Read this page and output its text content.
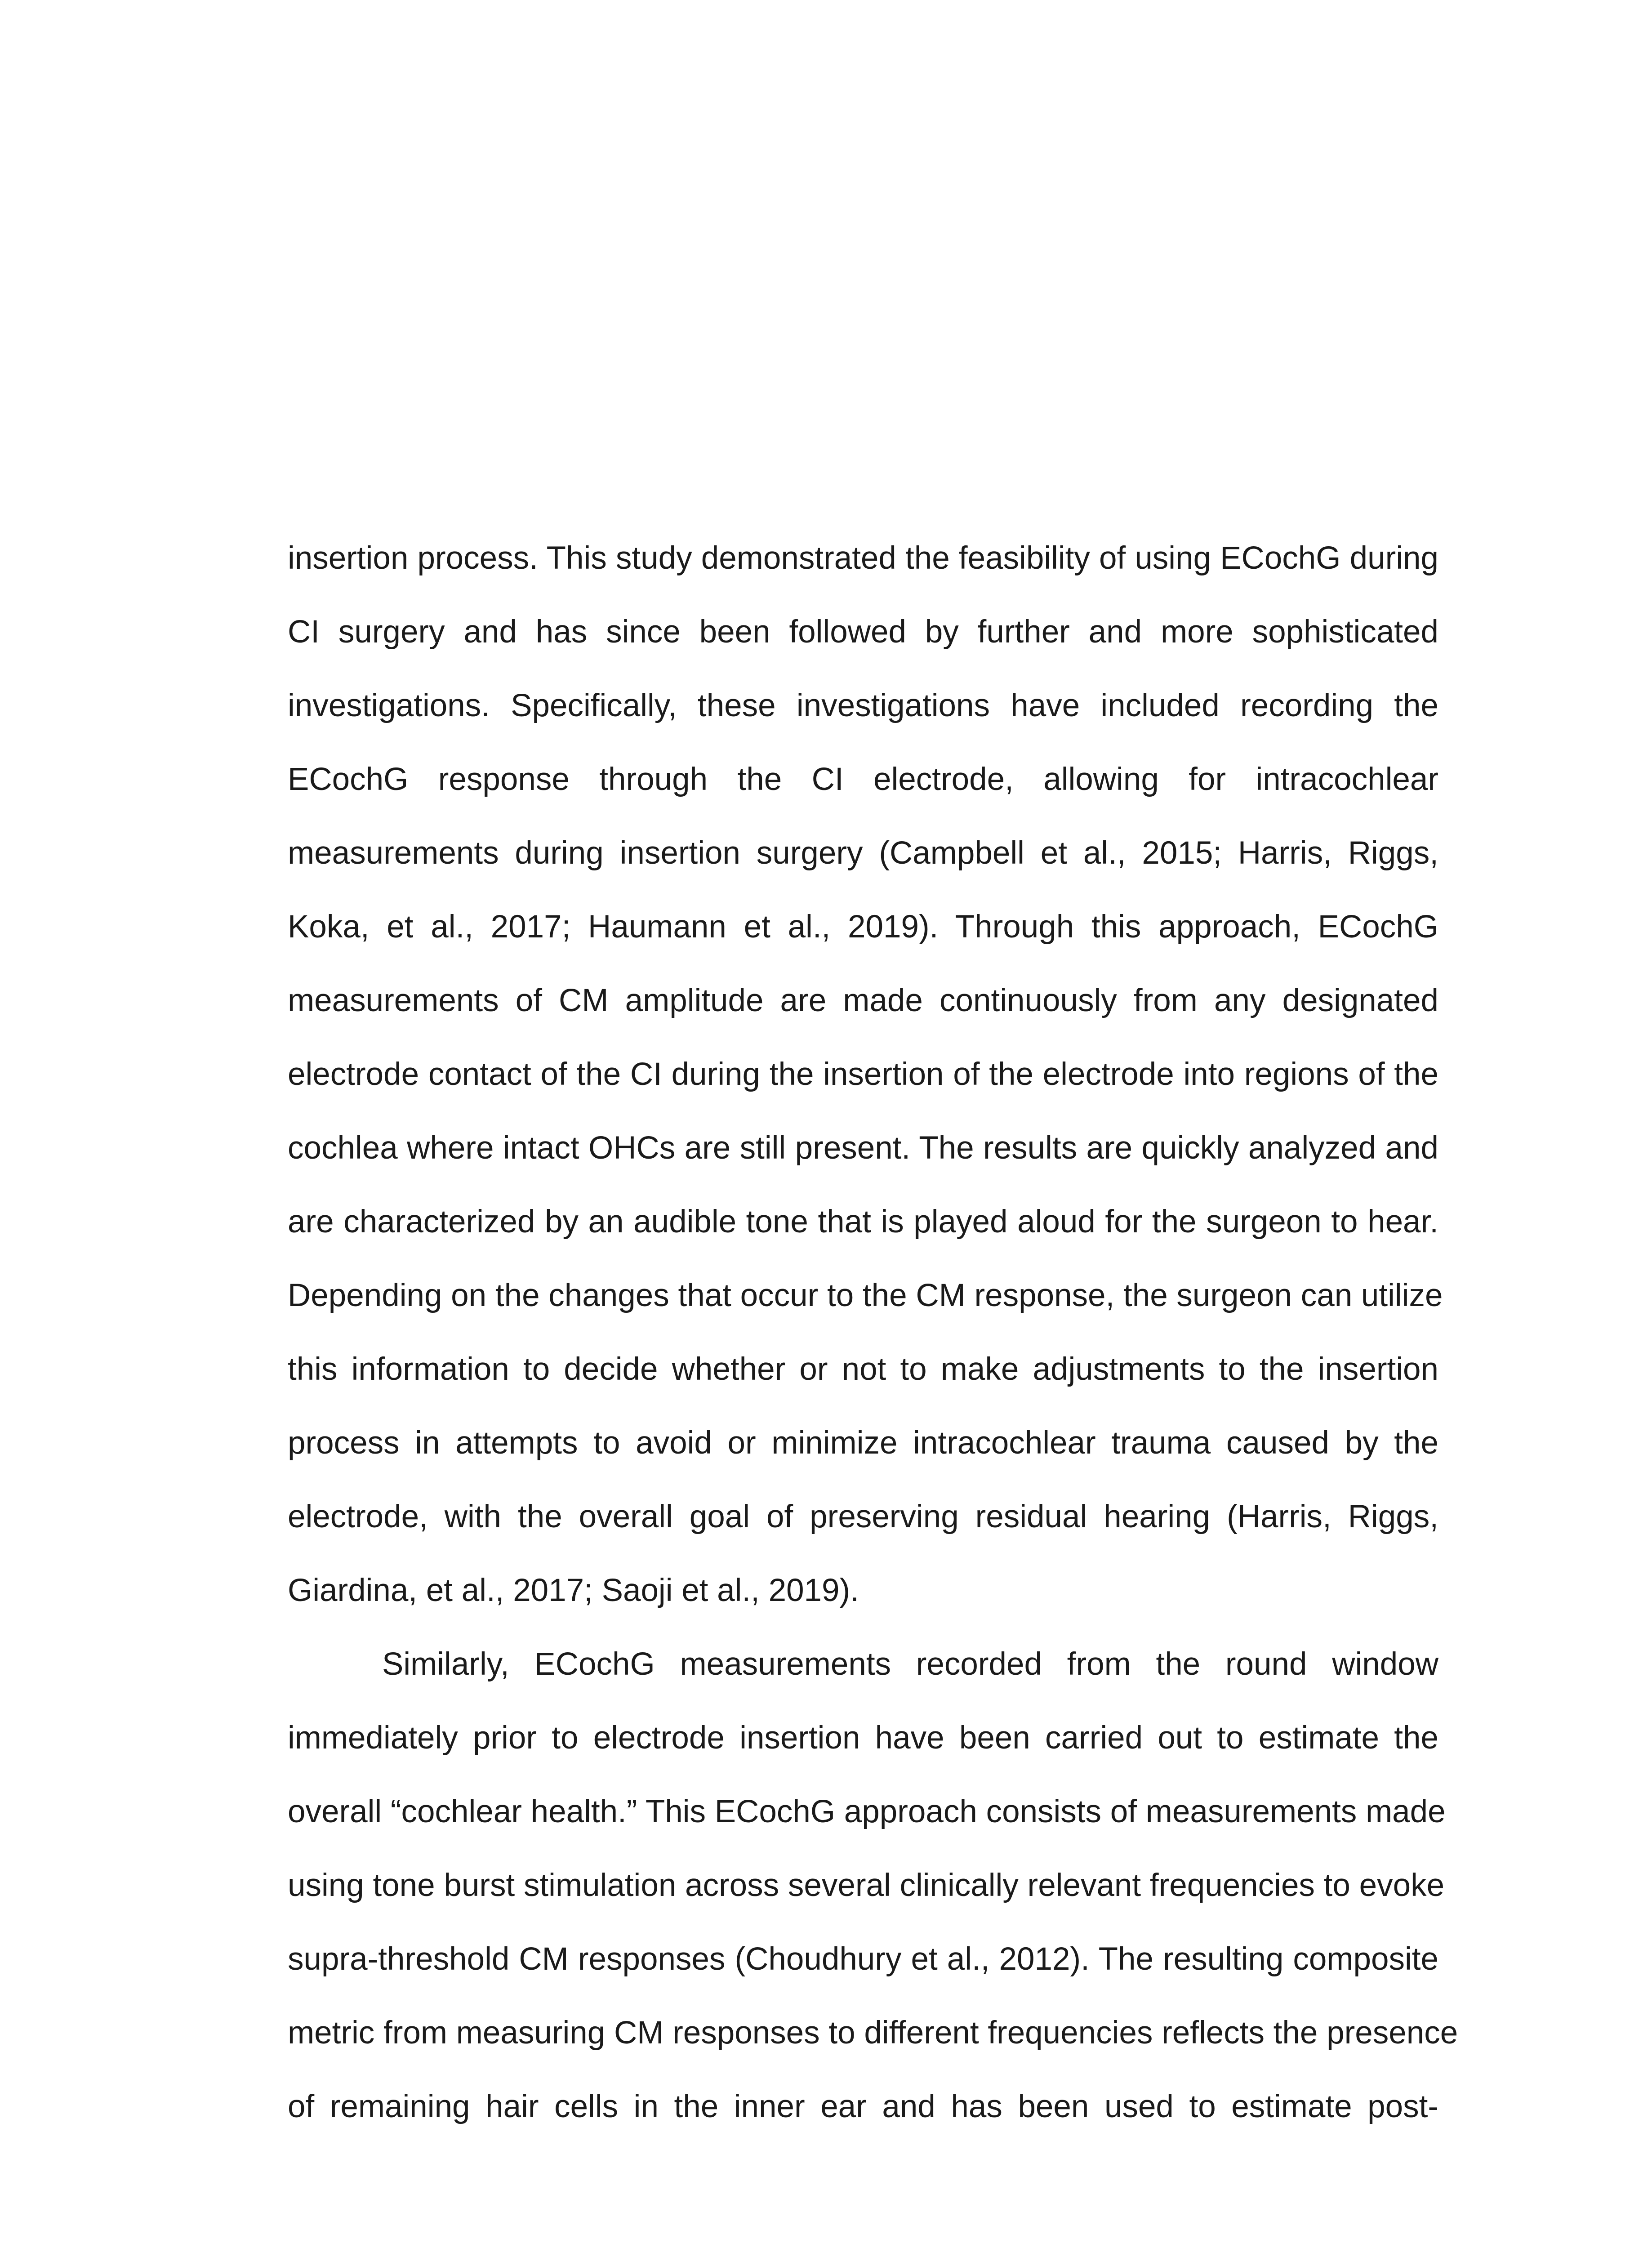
insertion process. This study demonstrated the feasibility of using ECochG during
CI surgery and has since been followed by further and more sophisticated
investigations. Specifically, these investigations have included recording the
ECochG response through the CI electrode, allowing for intracochlear
measurements during insertion surgery (Campbell et al., 2015; Harris, Riggs,
Koka, et al., 2017; Haumann et al., 2019). Through this approach, ECochG
measurements of CM amplitude are made continuously from any designated
electrode contact of the CI during the insertion of the electrode into regions of the
cochlea where intact OHCs are still present. The results are quickly analyzed and
are characterized by an audible tone that is played aloud for the surgeon to hear.
Depending on the changes that occur to the CM response, the surgeon can utilize
this information to decide whether or not to make adjustments to the insertion
process in attempts to avoid or minimize intracochlear trauma caused by the
electrode, with the overall goal of preserving residual hearing (Harris, Riggs,
Giardina, et al., 2017; Saoji et al., 2019).
Similarly, ECochG measurements recorded from the round window
immediately prior to electrode insertion have been carried out to estimate the
overall “cochlear health.” This ECochG approach consists of measurements made
using tone burst stimulation across several clinically relevant frequencies to evoke
supra-threshold CM responses (Choudhury et al., 2012). The resulting composite
metric from measuring CM responses to different frequencies reflects the presence
of remaining hair cells in the inner ear and has been used to estimate post-
